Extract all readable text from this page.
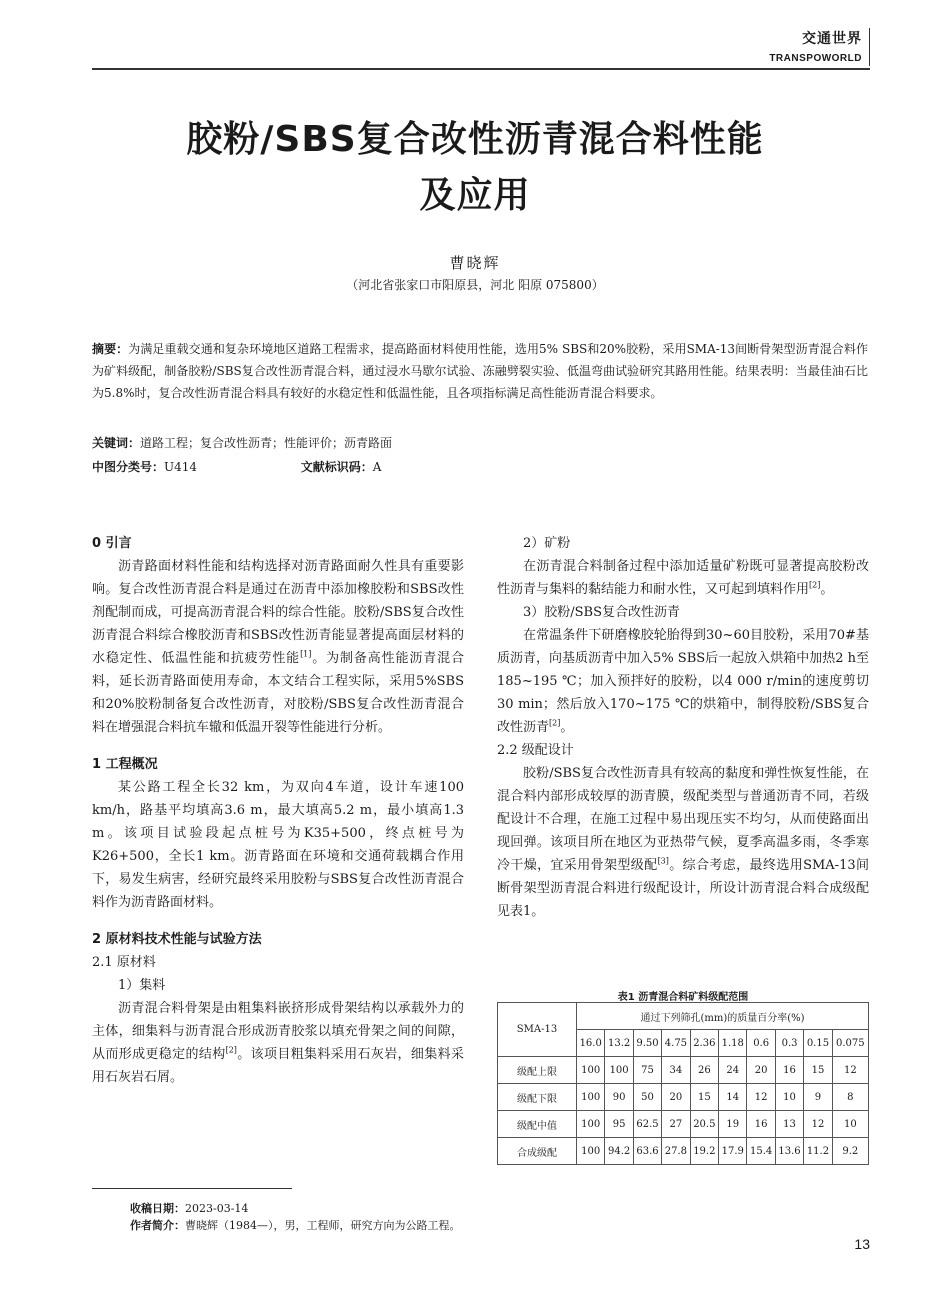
交通世界
TRANSPOWORLD
胶粉/SBS复合改性沥青混合料性能
及应用
曹晓辉
（河北省张家口市阳原县，河北 阳原 075800）
摘要：为满足重载交通和复杂环境地区道路工程需求，提高路面材料使用性能，选用5% SBS和20%胶粉，采用SMA-13间断骨架型沥青混合料作为矿料级配，制备胶粉/SBS复合改性沥青混合料，通过浸水马歇尔试验、冻融劈裂实验、低温弯曲试验研究其路用性能。结果表明：当最佳油石比为5.8%时，复合改性沥青混合料具有较好的水稳定性和低温性能，且各项指标满足高性能沥青混合料要求。
关键词：道路工程；复合改性沥青；性能评价；沥青路面
中图分类号：U414	文献标识码：A
0 引言

沥青路面材料性能和结构选择对沥青路面耐久性具有重要影响。复合改性沥青混合料是通过在沥青中添加橡胶粉和SBS改性剂配制而成，可提高沥青混合料的综合性能。胶粉/SBS复合改性沥青混合料综合橡胶沥青和SBS改性沥青能显著提高面层材料的水稳定性、低温性能和抗疲劳性能[1]。为制备高性能沥青混合料，延长沥青路面使用寿命，本文结合工程实际，采用5%SBS和20%胶粉制备复合改性沥青，对胶粉/SBS复合改性沥青混合料在增强混合料抗车辙和低温开裂等性能进行分析。

1 工程概况

某公路工程全长32 km，为双向4车道，设计车速100 km/h，路基平均填高3.6 m，最大填高5.2 m，最小填高1.3 m。该项目试验段起点桩号为K35+500，终点桩号为K26+500，全长1 km。沥青路面在环境和交通荷载耦合作用下，易发生病害，经研究最终采用胶粉与SBS复合改性沥青混合料作为沥青路面材料。

2 原材料技术性能与试验方法
2.1 原材料
1）集料

沥青混合料骨架是由粗集料嵌挤形成骨架结构以承载外力的主体，细集料与沥青混合形成沥青胶浆以填充骨架之间的间隙，从而形成更稳定的结构[2]。该项目粗集料采用石灰岩，细集料采用石灰岩石屑。

2）矿粉

在沥青混合料制备过程中添加适量矿粉既可显著提高胶粉改性沥青与集料的黏结能力和耐水性，又可起到填料作用[2]。

3）胶粉/SBS复合改性沥青

在常温条件下研磨橡胶轮胎得到30~60目胶粉，采用70#基质沥青，向基质沥青中加入5% SBS后一起放入烘箱中加热2 h至185~195 ℃；加入预拌好的胶粉，以4 000 r/min的速度剪切30 min；然后放入170~175 ℃的烘箱中，制得胶粉/SBS复合改性沥青[2]。

2.2 级配设计

胶粉/SBS复合改性沥青具有较高的黏度和弹性恢复性能，在混合料内部形成较厚的沥青膜，级配类型与普通沥青不同，若级配设计不合理，在施工过程中易出现压实不均匀，从而使路面出现回弹。该项目所在地区为亚热带气候，夏季高温多雨，冬季寒冷干燥，宜采用骨架型级配[3]。综合考虑，最终选用SMA-13间断骨架型沥青混合料进行级配设计，所设计沥青混合料合成级配见表1。

表1 沥青混合料矿料级配范围
SMA-13	通过下列筛孔(mm)的质量百分率(%)									
	16.0	13.2	9.50	4.75	2.36	1.18	0.6	0.3	0.15	0.075
级配上限	100	100	75	34	26	24	20	16	15	12
级配下限	100	90	50	20	15	14	12	10	9	8
级配中值	100	95	62.5	27	20.5	19	16	13	12	10
合成级配	100	94.2	63.6	27.8	19.2	17.9	15.4	13.6	11.2	9.2
收稿日期：2023-03-14
作者简介：曹晓辉（1984—），男，工程师，研究方向为公路工程。
13
